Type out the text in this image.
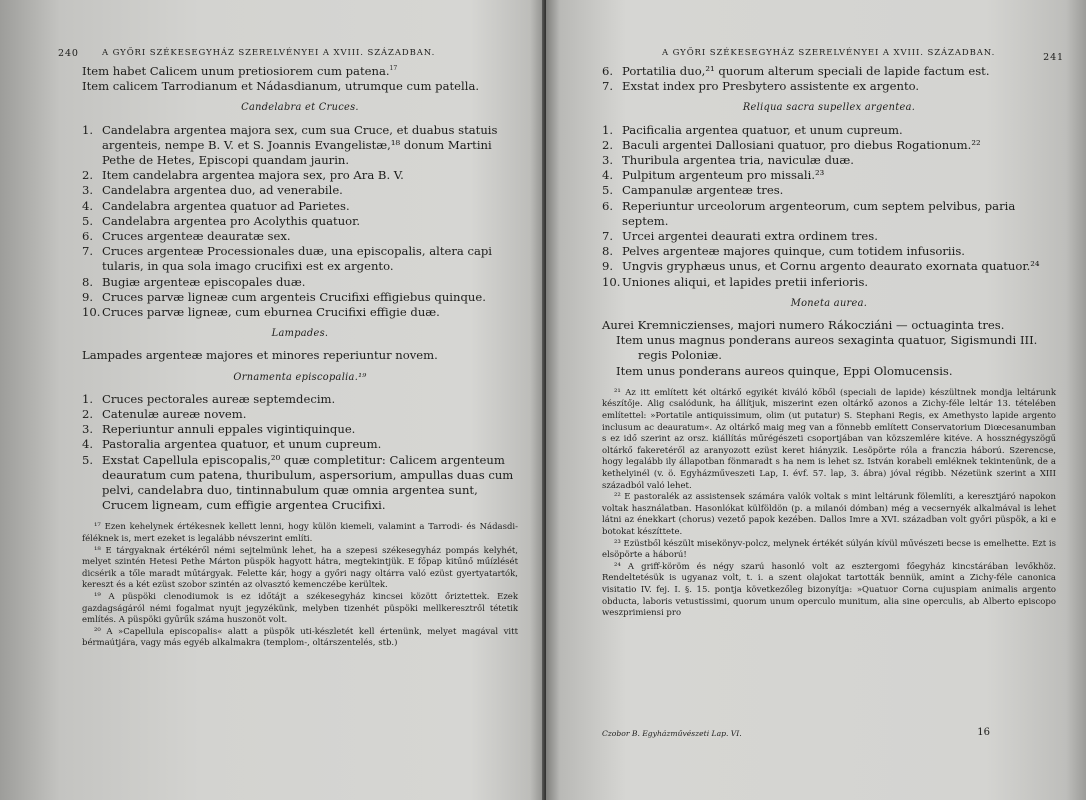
240	A GYŐRI SZÉKESEGYHÁZ SZERELVÉNYEI A XVIII. SZÁZADBAN.

Item habet Calicem unum pretiosiorem cum patena.$^{17}$

Item calicem Tarrodianum et Nádasdianum, utrumque cum patella.

Candelabra et Cruces.
1. Candelabra argentea majora sex, cum sua Cruce, et duabus statuis argenteis, nempe B. V. et S. Joannis Evangelistæ,¹⁸ donum Martini Pethe de Hetes, Episcopi quandam jaurin.
2. Item candelabra argentea majora sex, pro Ara B. V.
3. Candelabra argentea duo, ad venerabile.
4. Candelabra argentea quatuor ad Parietes.
5. Candelabra argentea pro Acolythis quatuor.
6. Cruces argenteæ deauratæ sex.
7. Cruces argenteæ Processionales duæ, una episcopalis, altera capi tularis, in qua sola imago crucifixi est ex argento.
8. Bugiæ argenteæ episcopales duæ.
9. Cruces parvæ ligneæ cum argenteis Crucifixi effigiebus quinque.
10. Cruces parvæ ligneæ, cum eburnea Crucifixi effigie duæ.
Lampades.

Lampades argenteæ majores et minores reperiuntur novem.

Ornamenta episcopalia.¹⁹
1. Cruces pectorales aureæ septemdecim.
2. Catenulæ aureæ novem.
3. Reperiuntur annuli eppales vigintiquinque.
4. Pastoralia argentea quatuor, et unum cupreum.
5. Exstat Capellula episcopalis,²⁰ quæ completitur: Calicem argenteum deauratum cum patena, thuribulum, aspersorium, ampullas duas cum pelvi, candelabra duo, tintinnabulum quæ omnia argentea sunt, Crucem ligneam, cum effigie argentea Crucifixi.

¹⁷ Ezen kehelynek értékesnek kellett lenni, hogy külön kiemeli, valamint a Tarrodi- és Nádasdi-féléknek is, mert ezeket is legalább névszerint említi.

¹⁸ E tárgyaknak értékéről némi sejtelmünk lehet, ha a szepesi székesegyház pompás kelyhét, melyet szintén Hetesi Pethe Márton püspök hagyott hátra, megtekintjük. E főpap kitűnő műízlését dicsérik a tőle maradt műtárgyak. Felette kár, hogy a győri nagy oltárra való ezüst gyertyatartók, kereszt és a két ezüst szobor szintén az olvasztó kemenczébe kerültek.

¹⁹ A püspöki clenodiumok is ez időtájt a székesegyház kincsei között őriztettek. Ezek gazdagságáról némi fogalmat nyujt jegyzékünk, melyben tizenhét püspöki mellkeresztről tétetik említés. A püspöki gyűrűk száma huszonöt volt.

²⁰ A »Capellula episcopalis« alatt a püspök uti-készletét kell értenünk, melyet magával vitt bérmaútjára, vagy más egyéb alkalmakra (templom-, oltárszentelés, stb.)

A GYŐRI SZÉKESEGYHÁZ SZERELVÉNYEI A XVIII. SZÁZADBAN.	241
6. Portatilia duo,²¹ quorum alterum speciali de lapide factum est.
7. Exstat index pro Presbytero assistente ex argento.
Reliqua sacra supellex argentea.
1. Pacificalia argentea quatuor, et unum cupreum.
2. Baculi argentei Dallosiani quatuor, pro diebus Rogationum.²²
3. Thuribula argentea tria, naviculæ duæ.
4. Pulpitum argenteum pro missali.²³
5. Campanulæ argenteæ tres.
6. Reperiuntur urceolorum argenteorum, cum septem pelvibus, paria septem.
7. Urcei argentei deaurati extra ordinem tres.
8. Pelves argenteæ majores quinque, cum totidem infusoriis.
9. Ungvis gryphæus unus, et Cornu argento deaurato exornata quatuor.²⁴
10. Uniones aliqui, et lapides pretii inferioris.
Moneta aurea.

Aurei Kremniczienses, majori numero Rákocziáni — octuaginta tres.

Item unus magnus ponderans aureos sexaginta quatuor, Sigismundi III. regis Poloniæ.

Item unus ponderans aureos quinque, Eppi Olomucensis.

²¹ Az itt említett két oltárkő egyikét kiváló kőből (speciali de lapide) készültnek mondja leltárunk készítője. Alig csalódunk, ha állítjuk, miszerint ezen oltárkő azonos a Zichy-féle leltár 13. tételében említettel: »Portatile antiquissimum, olim (ut putatur) S. Stephani Regis, ex Amethysto lapide argento inclusum ac deauratum«. Az oltárkő maig meg van a fönnebb említett Conservatorium Diœcesanumban s ez idő szerint az orsz. kiállítás műrégészeti csoportjában van közszemlére kitéve. A hossznégyszögű oltárkő fakeretéről az aranyozott ezüst keret hiányzik. Lesöpörte róla a franczia háború. Szerencse, hogy legalább ily állapotban fönmaradt s ha nem is lehet sz. István korabeli emléknek tekintenünk, de a kethelyinél (v. ö. Egyházműveszeti Lap, I. évf. 57. lap, 3. ábra) jóval régibb. Nézetünk szerint a XIII századból való lehet.

²² E pastoralék az assistensek számára valók voltak s mint leltárunk fölemlíti, a keresztjáró napokon voltak használatban. Hasonlókat külföldön (p. a milanói dómban) még a vecsernyék alkalmával is lehet látni az énekkart (chorus) vezető papok kezében. Dallos Imre a XVI. században volt győri püspök, a ki e botokat készíttete.

²³ Ezüstből készült misekönyv-polcz, melynek értékét súlyán kívül művészeti becse is emelhette. Ezt is elsöpörte a háború!

²⁴ A griff-köröm és négy szarú hasonló volt az esztergomi főegyház kincstárában levőkhöz. Rendeltetésük is ugyanaz volt, t. i. a szent olajokat tartották bennük, amint a Zichy-féle canonica visitatio IV. fej. I. §. 15. pontja következőleg bizonyítja: »Quatuor Corna cujuspiam animalis argento obducta, laboris vetustissimi, quorum unum operculo munitum, alia sine operculis, ab Alberto episcopo weszprimiensi pro

Czobor B. Egyházművészeti Lap. VI.	16
